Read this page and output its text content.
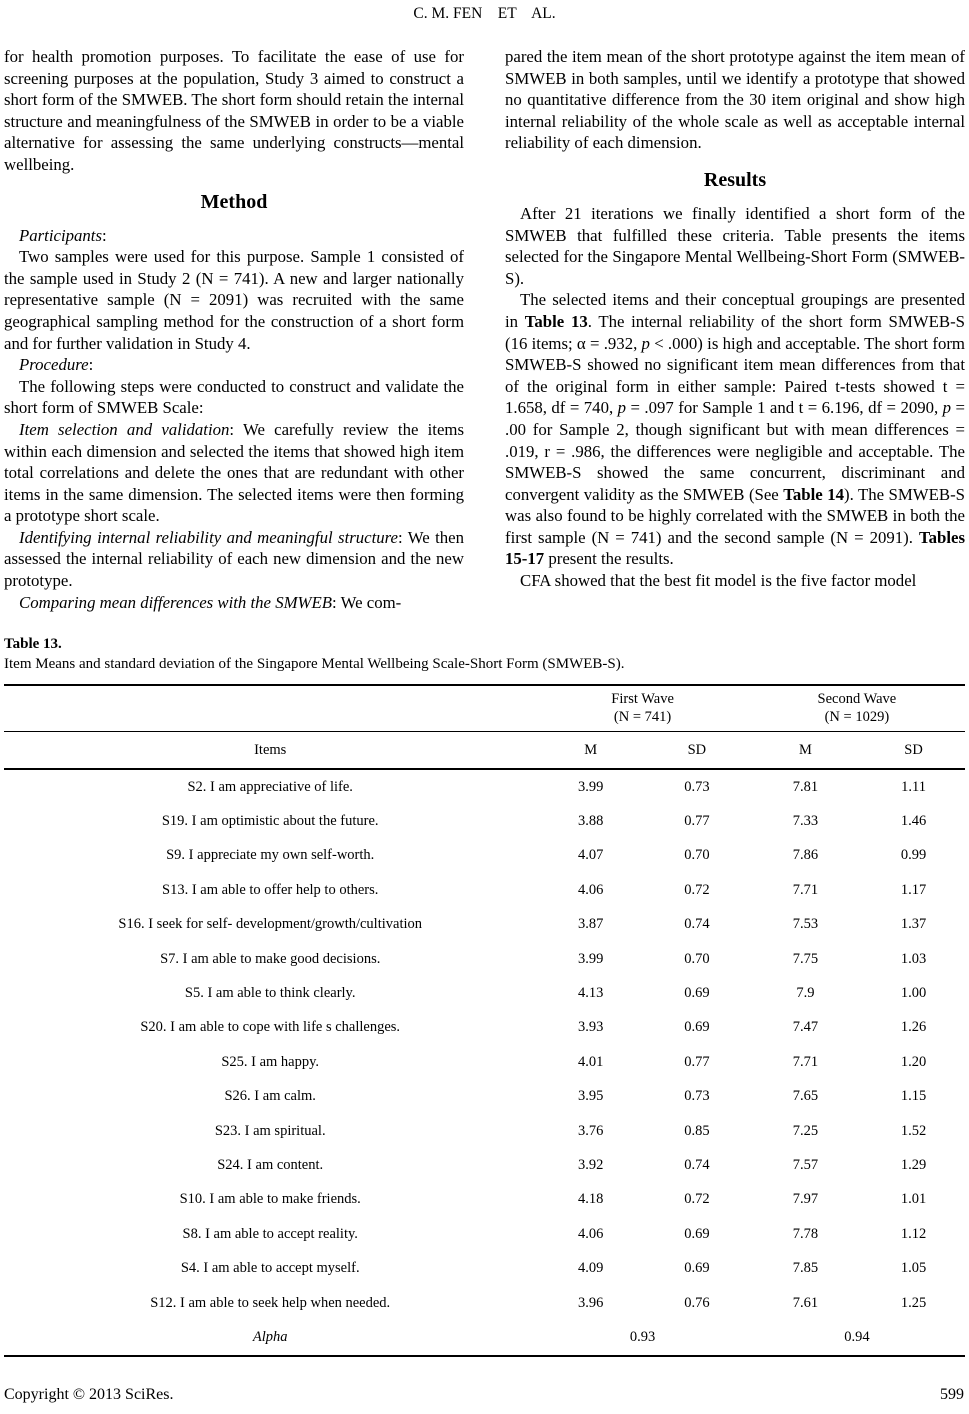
C. M. FEN    ET    AL.

for health promotion purposes. To facilitate the ease of use for screening purposes at the population, Study 3 aimed to construct a short form of the SMWEB. The short form should retain the internal structure and meaningfulness of the SMWEB in order to be a viable alternative for assessing the same underlying constructs—mental wellbeing.

Method

Participants:

Two samples were used for this purpose. Sample 1 consisted of the sample used in Study 2 (N = 741). A new and larger nationally representative sample (N = 2091) was recruited with the same geographical sampling method for the construction of a short form and for further validation in Study 4.

Procedure:

The following steps were conducted to construct and validate the short form of SMWEB Scale:

Item selection and validation: We carefully review the items within each dimension and selected the items that showed high item total correlations and delete the ones that are redundant with other items in the same dimension. The selected items were then forming a prototype short scale.

Identifying internal reliability and meaningful structure: We then assessed the internal reliability of each new dimension and the new prototype.

Comparing mean differences with the SMWEB: We com-

pared the item mean of the short prototype against the item mean of SMWEB in both samples, until we identify a prototype that showed no quantitative difference from the 30 item original and show high internal reliability of the whole scale as well as acceptable internal reliability of each dimension.

Results

After 21 iterations we finally identified a short form of the SMWEB that fulfilled these criteria. Table presents the items selected for the Singapore Mental Wellbeing-Short Form (SMWEB-S).

The selected items and their conceptual groupings are presented in Table 13. The internal reliability of the short form SMWEB-S (16 items; α = .932, p < .000) is high and acceptable. The short form SMWEB-S showed no significant item mean differences from that of the original form in either sample: Paired t-tests showed t = 1.658, df = 740, p = .097 for Sample 1 and t = 6.196, df = 2090, p = .00 for Sample 2, though significant but with mean differences = .019, r = .986, the differences were negligible and acceptable. The SMWEB-S showed the same concurrent, discriminant and convergent validity as the SMWEB (See Table 14). The SMWEB-S was also found to be highly correlated with the SMWEB in both the first sample (N = 741) and the second sample (N = 2091). Tables 15-17 present the results.

CFA showed that the best fit model is the five factor model

Table 13.
Item Means and standard deviation of the Singapore Mental Wellbeing Scale-Short Form (SMWEB-S).

	First Wave
(N = 741)		Second Wave
(N = 1029)	
Items	M	SD	M	SD
S2. I am appreciative of life.	3.99	0.73	7.81	1.11
S19. I am optimistic about the future.	3.88	0.77	7.33	1.46
S9. I appreciate my own self-worth.	4.07	0.70	7.86	0.99
S13. I am able to offer help to others.	4.06	0.72	7.71	1.17
S16. I seek for self- development/growth/cultivation	3.87	0.74	7.53	1.37
S7. I am able to make good decisions.	3.99	0.70	7.75	1.03
S5. I am able to think clearly.	4.13	0.69	7.9	1.00
S20. I am able to cope with life s challenges.	3.93	0.69	7.47	1.26
S25. I am happy.	4.01	0.77	7.71	1.20
S26. I am calm.	3.95	0.73	7.65	1.15
S23. I am spiritual.	3.76	0.85	7.25	1.52
S24. I am content.	3.92	0.74	7.57	1.29
S10. I am able to make friends.	4.18	0.72	7.97	1.01
S8. I am able to accept reality.	4.06	0.69	7.78	1.12
S4. I am able to accept myself.	4.09	0.69	7.85	1.05
S12. I am able to seek help when needed.	3.96	0.76	7.61	1.25
Alpha	0.93		0.94	
Copyright © 2013 SciRes.	599
